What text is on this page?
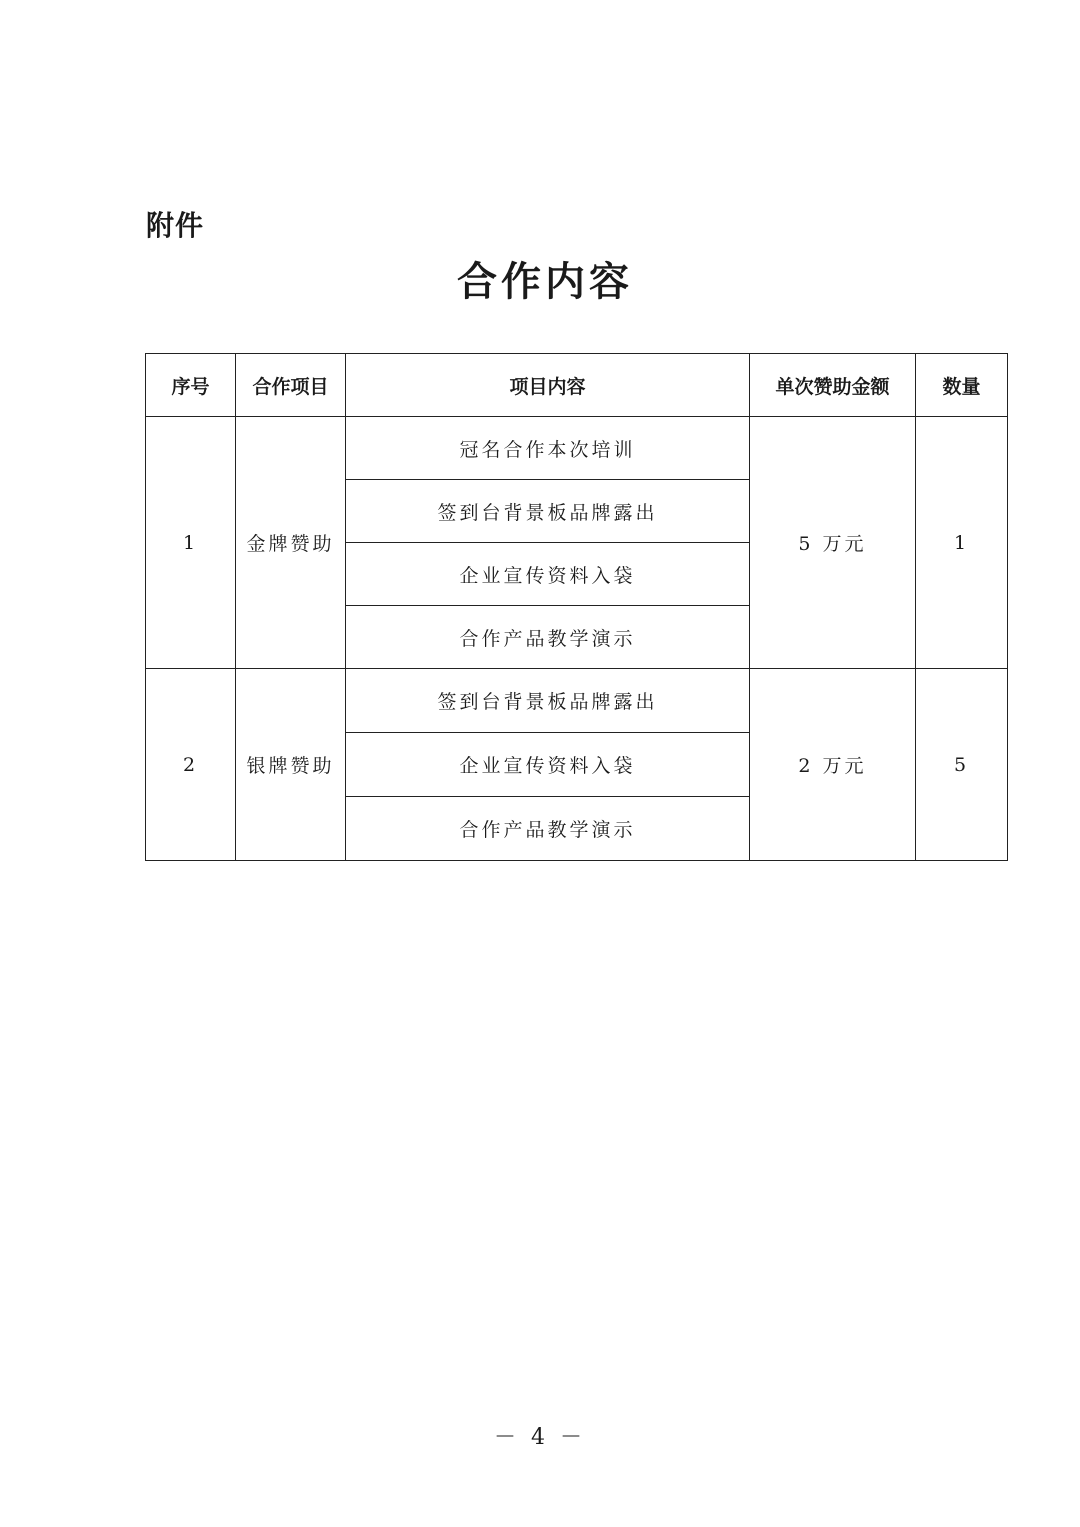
附件
合作内容
序号	合作项目	项目内容	单次赞助金额	数量
1	金牌赞助	冠名合作本次培训	5 万元	1
		签到台背景板品牌露出		
		企业宣传资料入袋		
		合作产品教学演示		
2	银牌赞助	签到台背景板品牌露出	2 万元	5
		企业宣传资料入袋		
		合作产品教学演示		
－ 4 －
